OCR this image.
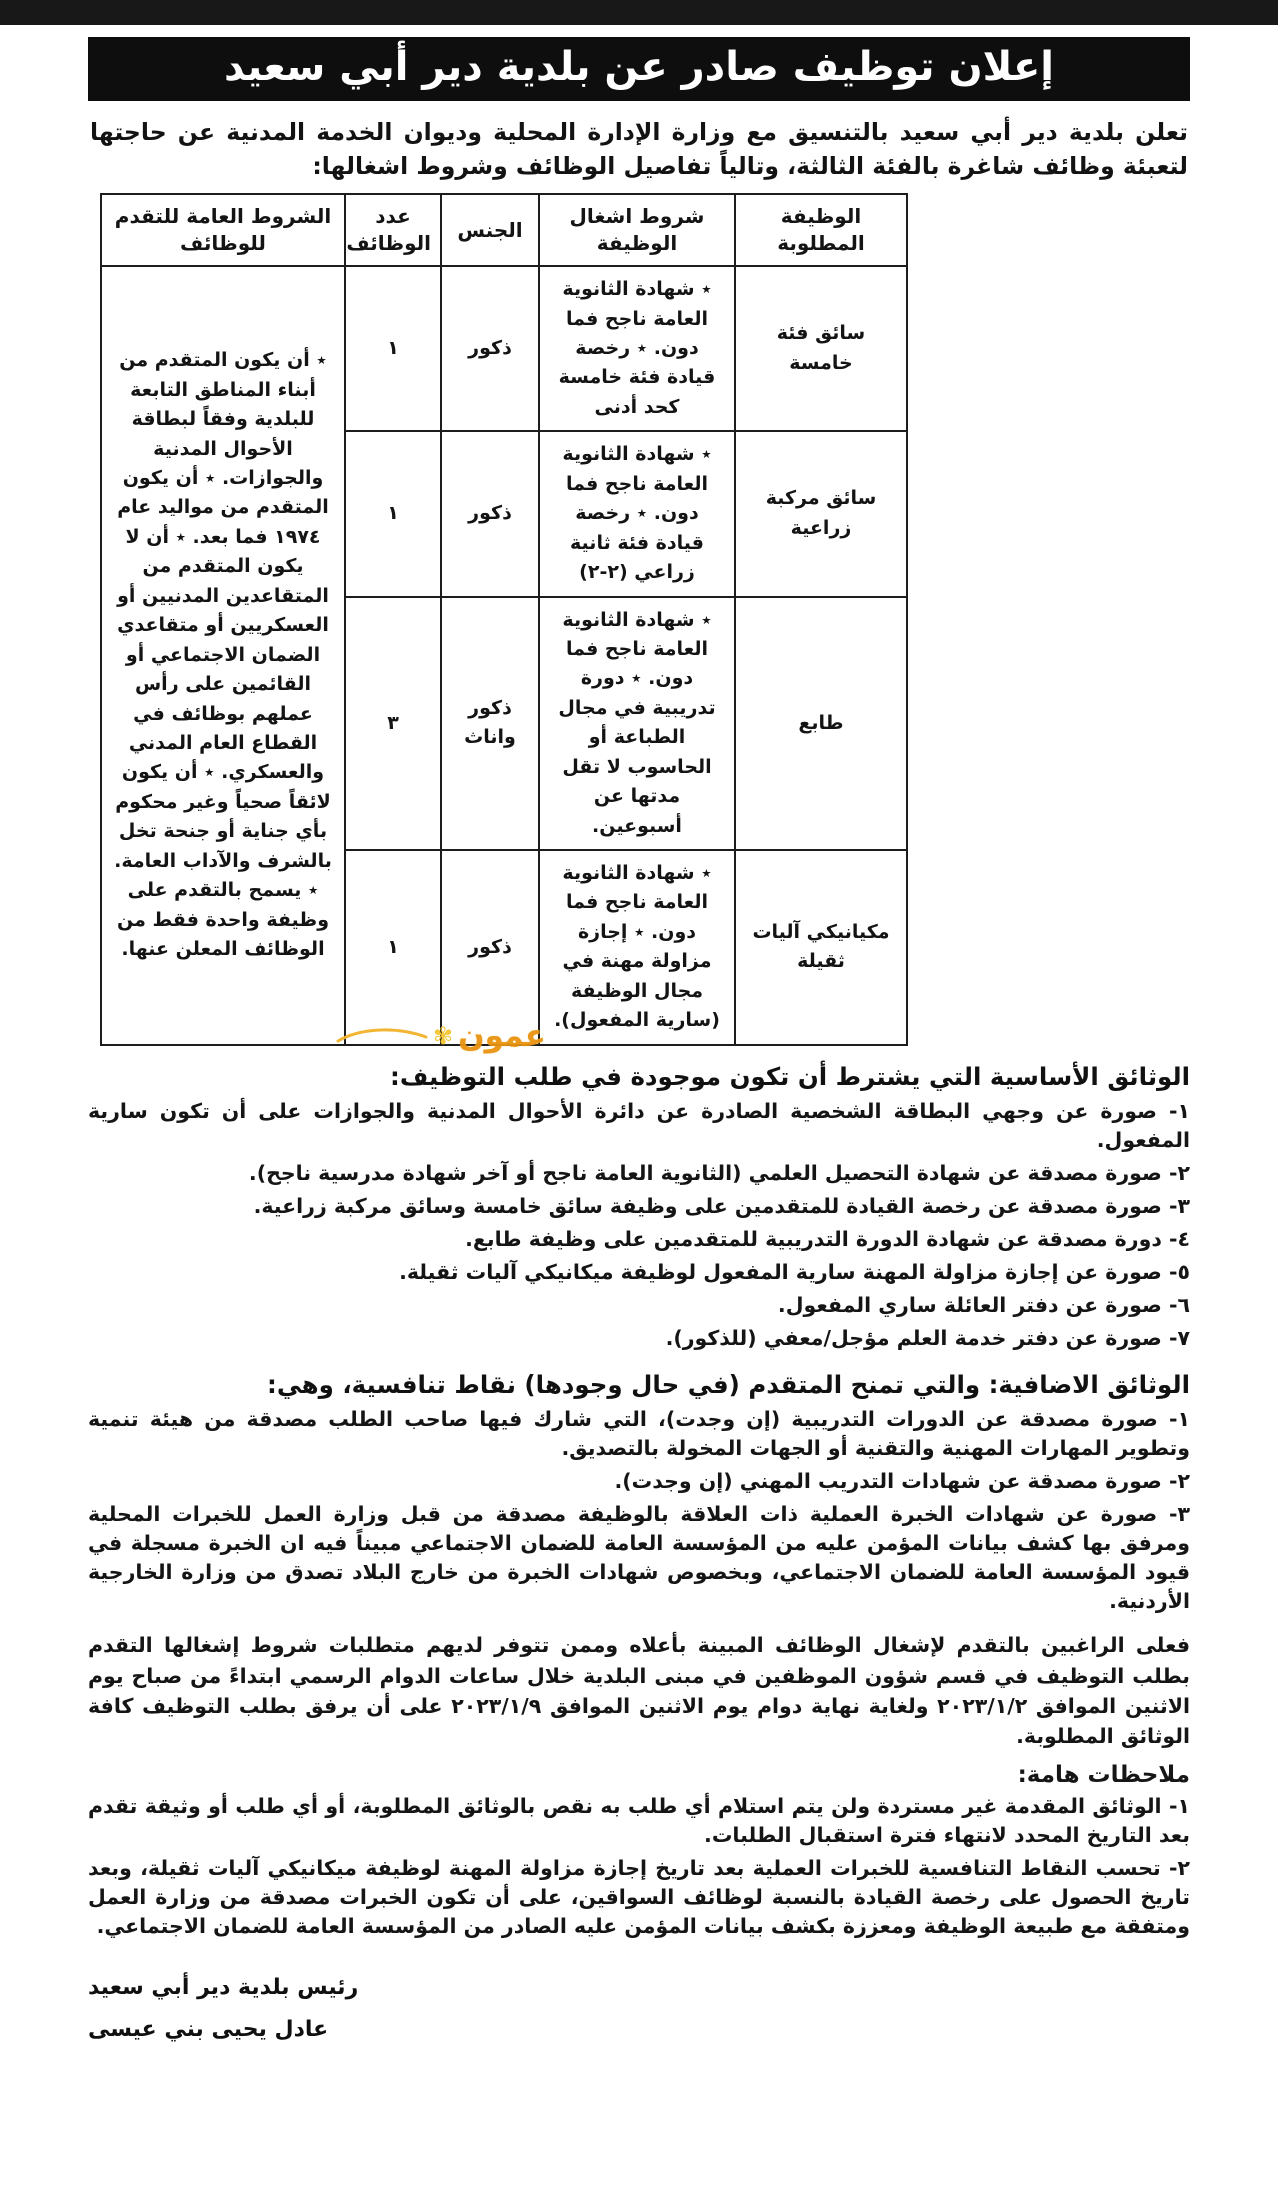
إعلان توظيف صادر عن بلدية دير أبي سعيد

تعلن بلدية دير أبي سعيد بالتنسيق مع وزارة الإدارة المحلية وديوان الخدمة المدنية عن حاجتها لتعبئة وظائف شاغرة بالفئة الثالثة، وتالياً تفاصيل الوظائف وشروط اشغالها:

الوظيفة المطلوبة	شروط اشغال الوظيفة	الجنس	عدد الوظائف	الشروط العامة للتقدم للوظائف
سائق فئة خامسة	٭ شهادة الثانوية العامة ناجح فما دون. ٭ رخصة قيادة فئة خامسة كحد أدنى	ذكور	١	٭ أن يكون المتقدم من أبناء المناطق التابعة للبلدية وفقاً لبطاقة الأحوال المدنية والجوازات. ٭ أن يكون المتقدم من مواليد عام ١٩٧٤ فما بعد. ٭ أن لا يكون المتقدم من المتقاعدين المدنيين أو العسكريين أو متقاعدي الضمان الاجتماعي أو القائمين على رأس عملهم بوظائف في القطاع العام المدني والعسكري. ٭ أن يكون لائقاً صحياً وغير محكوم بأي جناية أو جنحة تخل بالشرف والآداب العامة. ٭ يسمح بالتقدم على وظيفة واحدة فقط من الوظائف المعلن عنها.
سائق مركبة زراعية	٭ شهادة الثانوية العامة ناجح فما دون. ٭ رخصة قيادة فئة ثانية زراعي (٢-٢)	ذكور	١	
طابع	٭ شهادة الثانوية العامة ناجح فما دون. ٭ دورة تدريبية في مجال الطباعة أو الحاسوب لا تقل مدتها عن أسبوعين.	ذكور واناث	٣	
مكيانيكي آليات ثقيلة	٭ شهادة الثانوية العامة ناجح فما دون. ٭ إجازة مزاولة مهنة في مجال الوظيفة (سارية المفعول).	ذكور	١	
✾ عمون
الوثائق الأساسية التي يشترط أن تكون موجودة في طلب التوظيف:

١- صورة عن وجهي البطاقة الشخصية الصادرة عن دائرة الأحوال المدنية والجوازات على أن تكون سارية المفعول.

٢- صورة مصدقة عن شهادة التحصيل العلمي (الثانوية العامة ناجح أو آخر شهادة مدرسية ناجح).

٣- صورة مصدقة عن رخصة القيادة للمتقدمين على وظيفة سائق خامسة وسائق مركبة زراعية.

٤- دورة مصدقة عن شهادة الدورة التدريبية للمتقدمين على وظيفة طابع.

٥- صورة عن إجازة مزاولة المهنة سارية المفعول لوظيفة ميكانيكي آليات ثقيلة.

٦- صورة عن دفتر العائلة ساري المفعول.

٧- صورة عن دفتر خدمة العلم مؤجل/معفي (للذكور).

الوثائق الاضافية: والتي تمنح المتقدم (في حال وجودها) نقاط تنافسية، وهي:

١- صورة مصدقة عن الدورات التدريبية (إن وجدت)، التي شارك فيها صاحب الطلب مصدقة من هيئة تنمية وتطوير المهارات المهنية والتقنية أو الجهات المخولة بالتصديق.

٢- صورة مصدقة عن شهادات التدريب المهني (إن وجدت).

٣- صورة عن شهادات الخبرة العملية ذات العلاقة بالوظيفة مصدقة من قبل وزارة العمل للخبرات المحلية ومرفق بها كشف بيانات المؤمن عليه من المؤسسة العامة للضمان الاجتماعي مبيناً فيه ان الخبرة مسجلة في قيود المؤسسة العامة للضمان الاجتماعي، وبخصوص شهادات الخبرة من خارج البلاد تصدق من وزارة الخارجية الأردنية.

فعلى الراغبين بالتقدم لإشغال الوظائف المبينة بأعلاه وممن تتوفر لديهم متطلبات شروط إشغالها التقدم بطلب التوظيف في قسم شؤون الموظفين في مبنى البلدية خلال ساعات الدوام الرسمي ابتداءً من صباح يوم الاثنين الموافق ٢٠٢٣/١/٢ ولغاية نهاية دوام يوم الاثنين الموافق ٢٠٢٣/١/٩ على أن يرفق بطلب التوظيف كافة الوثائق المطلوبة.

ملاحظات هامة:

١- الوثائق المقدمة غير مستردة ولن يتم استلام أي طلب به نقص بالوثائق المطلوبة، أو أي طلب أو وثيقة تقدم بعد التاريخ المحدد لانتهاء فترة استقبال الطلبات.

٢- تحسب النقاط التنافسية للخبرات العملية بعد تاريخ إجازة مزاولة المهنة لوظيفة ميكانيكي آليات ثقيلة، وبعد تاريخ الحصول على رخصة القيادة بالنسبة لوظائف السواقين، على أن تكون الخبرات مصدقة من وزارة العمل ومتفقة مع طبيعة الوظيفة ومعززة بكشف بيانات المؤمن عليه الصادر من المؤسسة العامة للضمان الاجتماعي.

رئيس بلدية دير أبي سعيد
عادل يحيى بني عيسى
